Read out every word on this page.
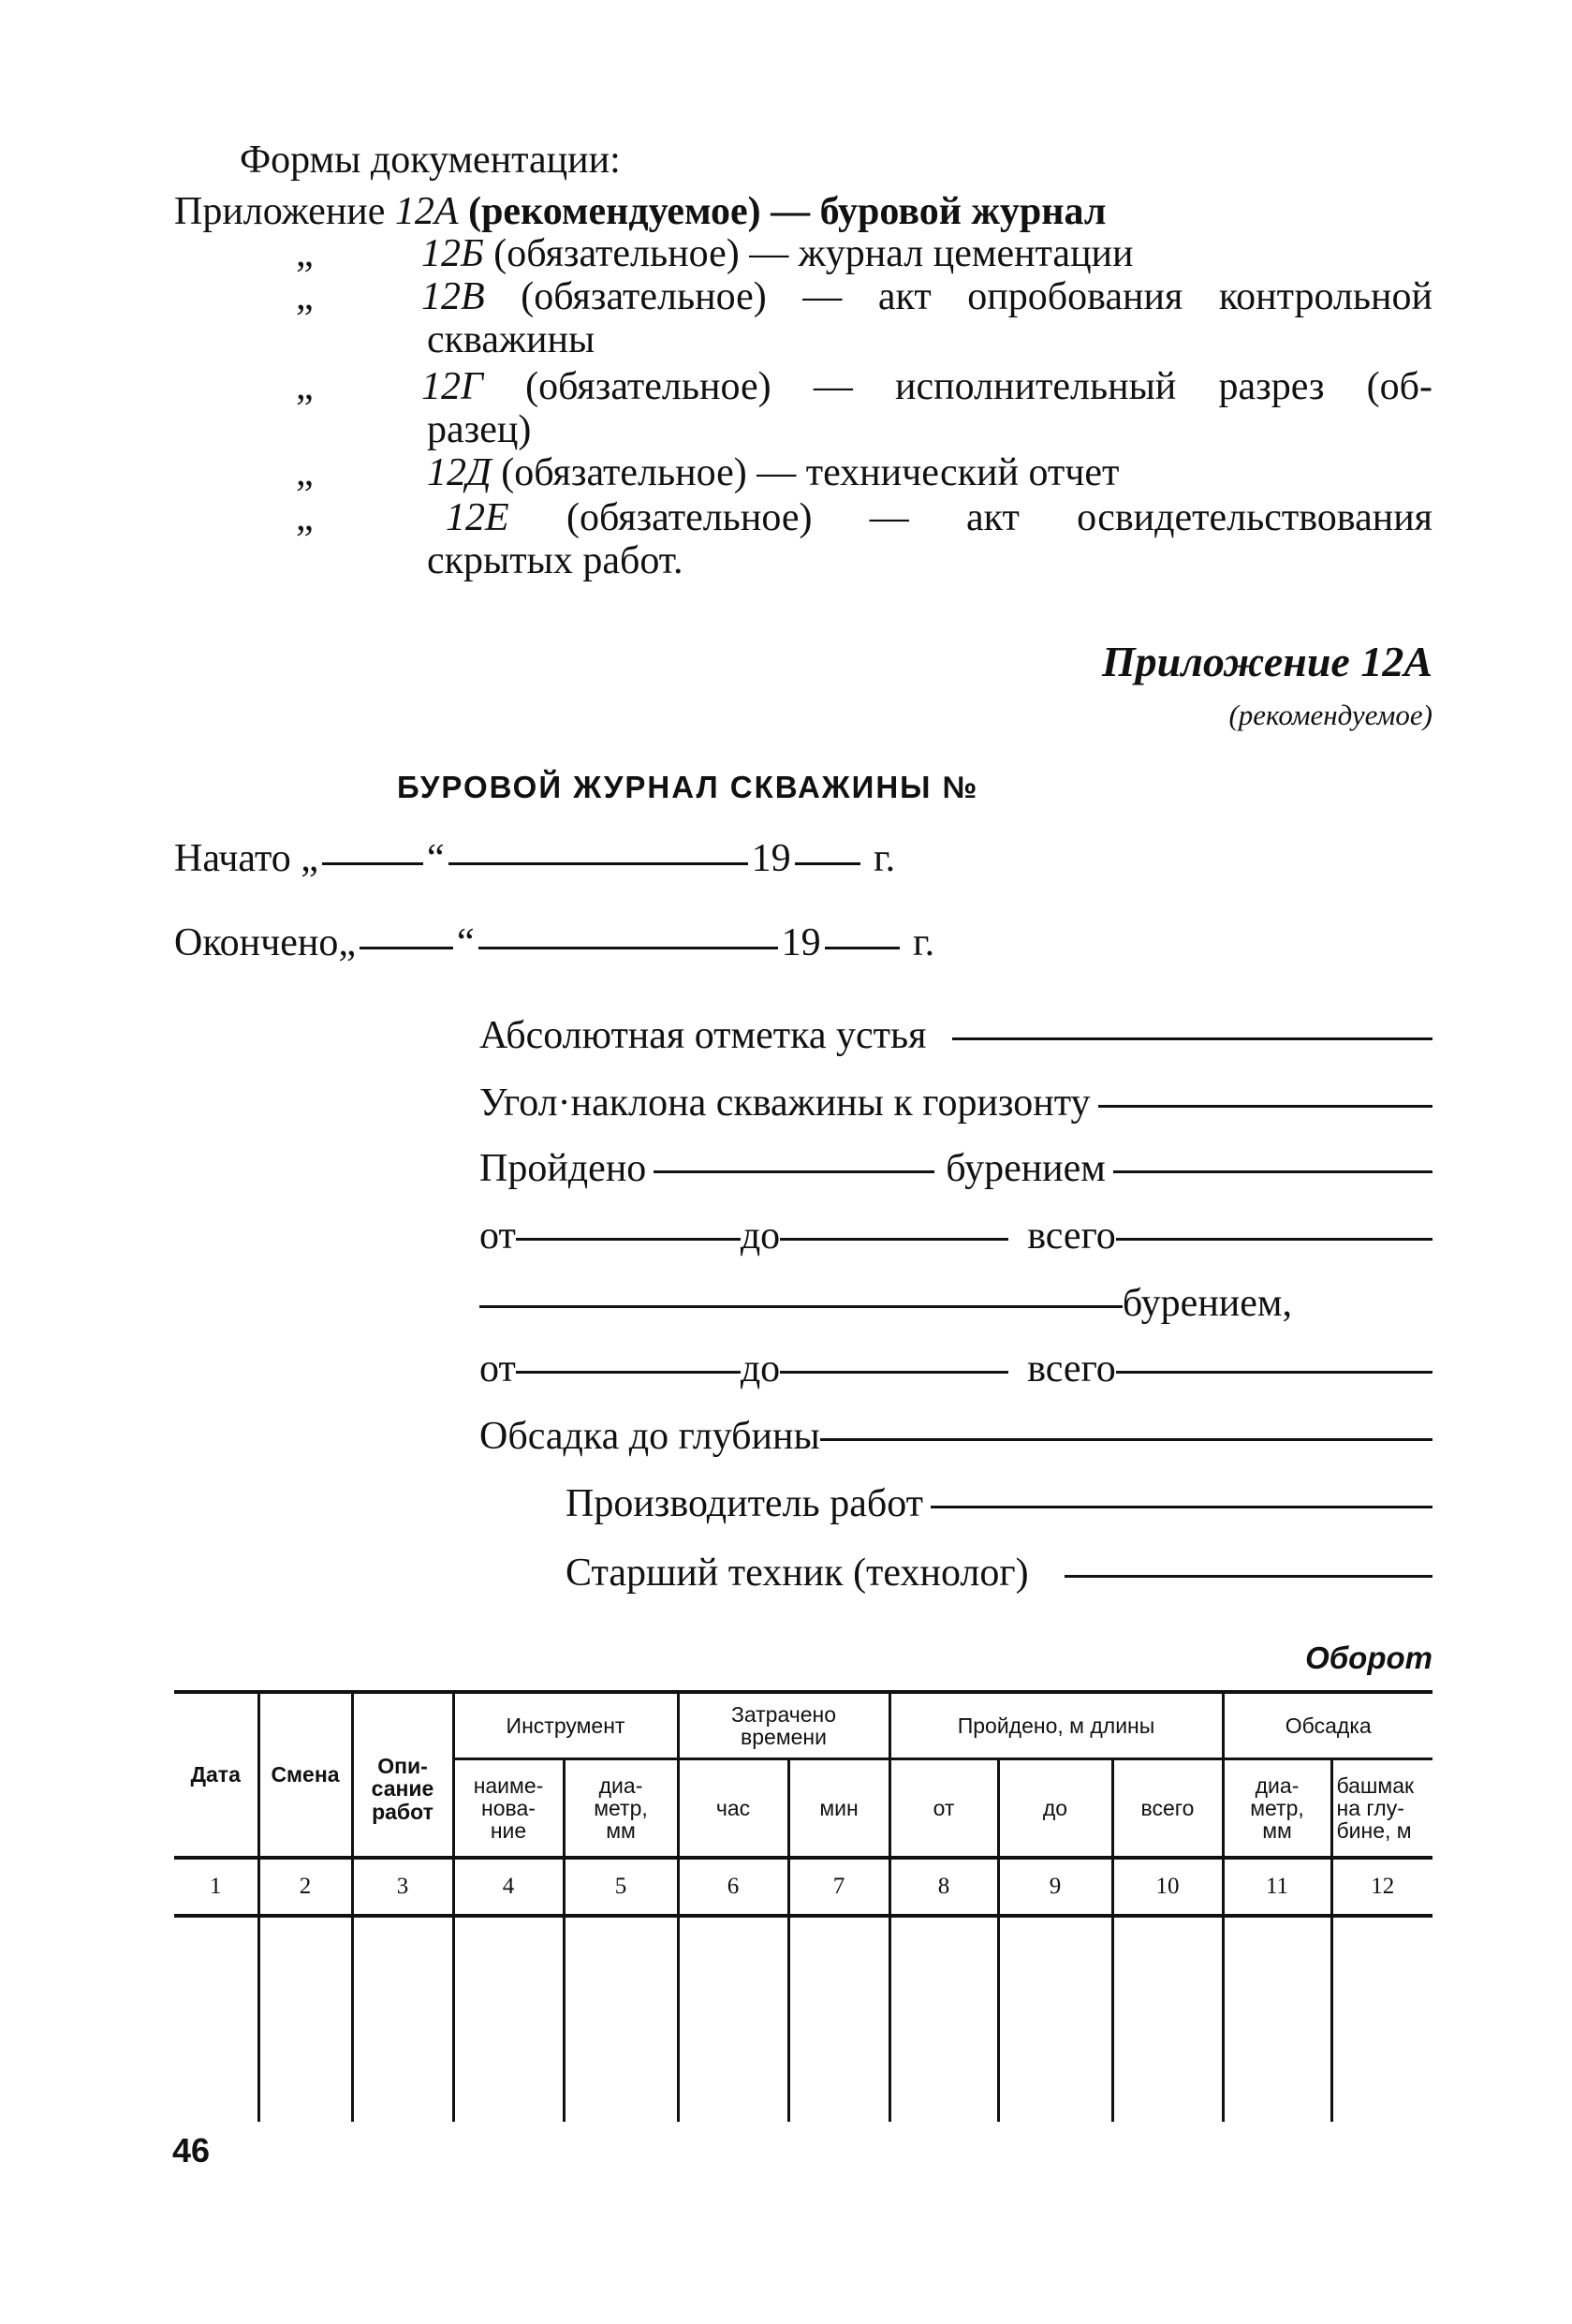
Формы документации:
Приложение 12А (рекомендуемое) — буровой журнал
„	12Б (обязательное) — журнал цементации
„	12В (обязательное) — акт опробования контрольной
скважины
„	12Г (обязательное) — исполнительный разрез (об-
разец)
„	12Д (обязательное) — технический отчет
„	12Е (обязательное) — акт освидетельствования
скрытых работ.
Приложение 12А
(рекомендуемое)
БУРОВОЙ ЖУРНАЛ СКВАЖИНЫ №
Начато „	“	19 г.
Окончено„	“	19 г.
Абсолютная отметка устья
Угол·наклона скважины к горизонту
Пройдено	бурением
от	до	всего
бурением,
от	до	всего
Обсадка до глубины
Производитель работ
Старший техник (технолог)
Оборот
Дата	Смена	Опи- сание работ	Инструмент		Затрачено времени		Пройдено, м длины			Обсадка	
			наиме- нова- ние	диа- метр, мм	час	мин	от	до	всего	диа- метр, мм	башмак на глу- бине, м
1	2	3	4	5	6	7	8	9	10	11	12

46
